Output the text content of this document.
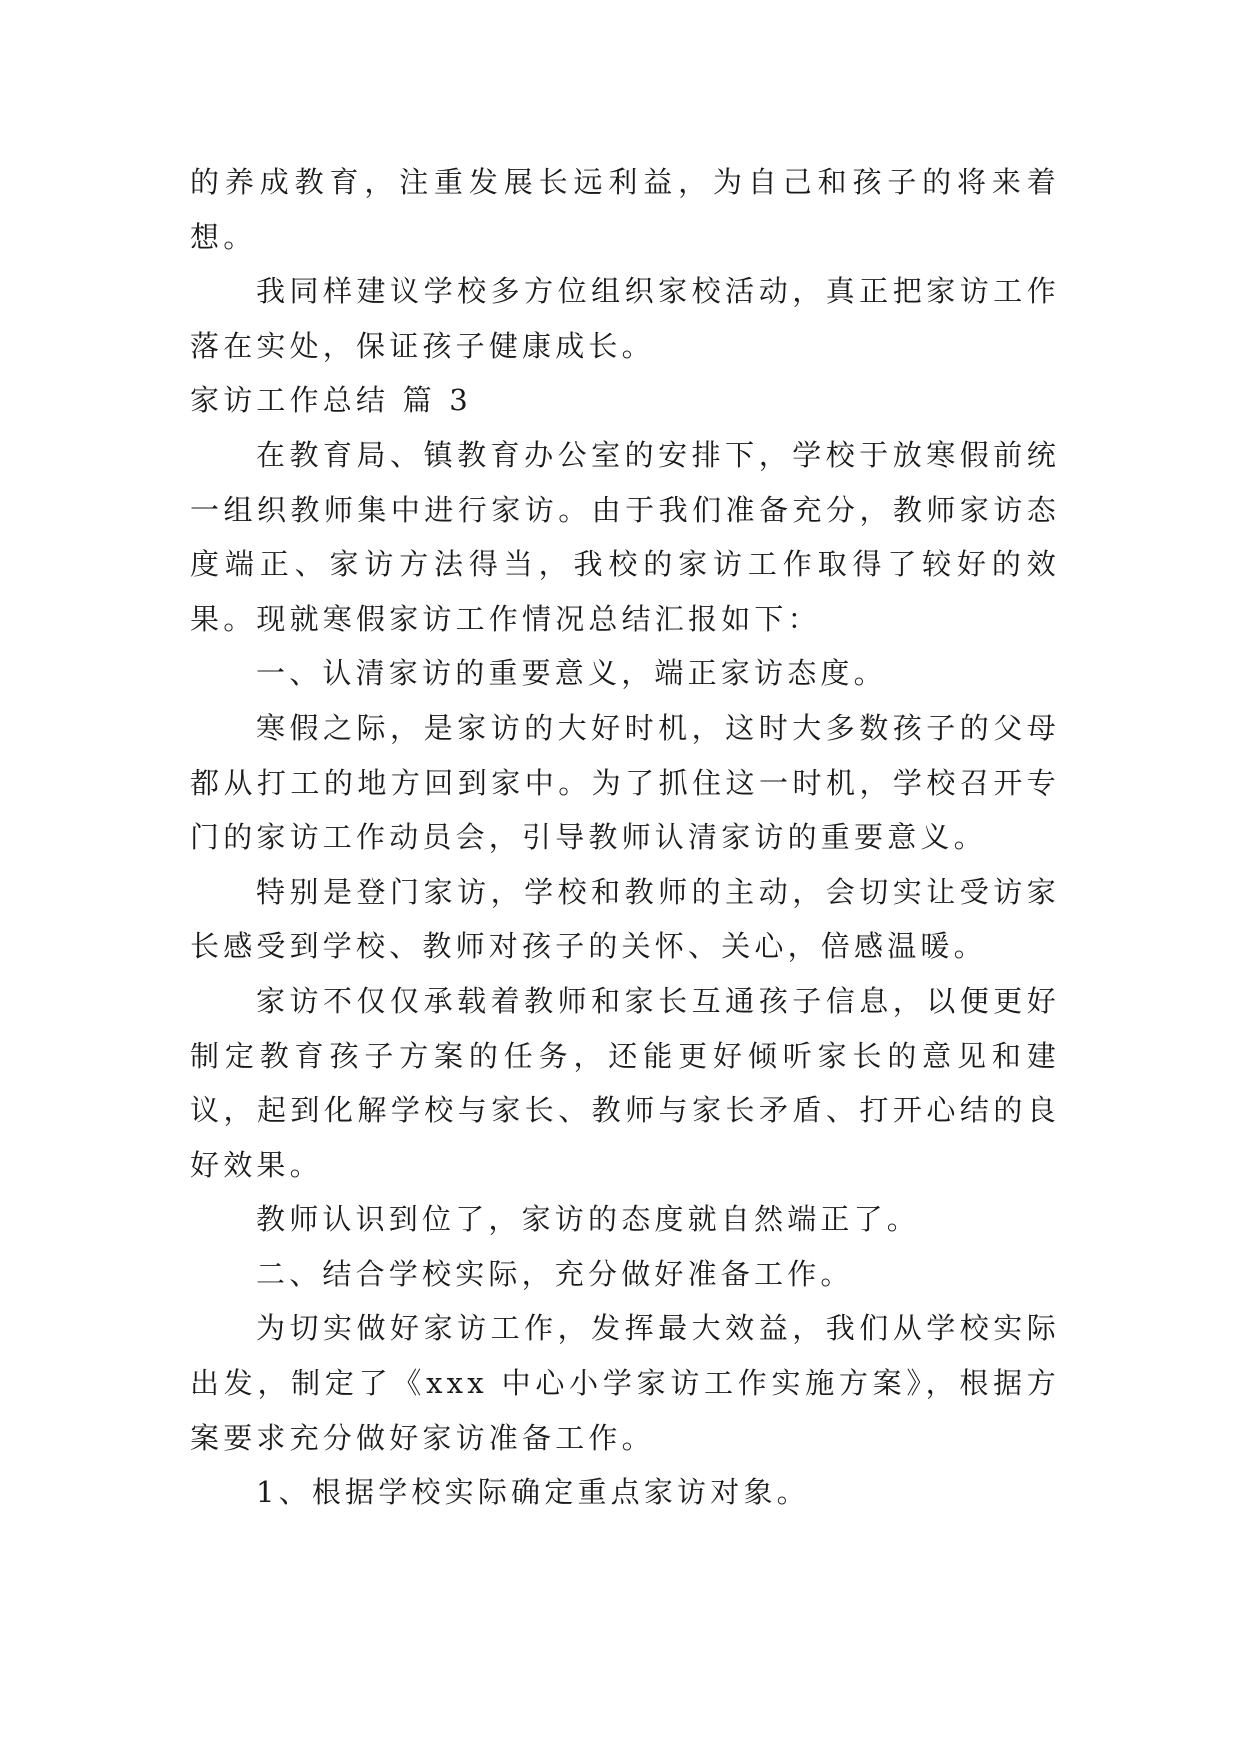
的养成教育，注重发展长远利益，为自己和孩子的将来着想。

我同样建议学校多方位组织家校活动，真正把家访工作落在实处，保证孩子健康成长。

家访工作总结 篇 3

在教育局、镇教育办公室的安排下，学校于放寒假前统一组织教师集中进行家访。由于我们准备充分，教师家访态度端正、家访方法得当，我校的家访工作取得了较好的效果。现就寒假家访工作情况总结汇报如下：

一、认清家访的重要意义，端正家访态度。

寒假之际，是家访的大好时机，这时大多数孩子的父母都从打工的地方回到家中。为了抓住这一时机，学校召开专门的家访工作动员会，引导教师认清家访的重要意义。

特别是登门家访，学校和教师的主动，会切实让受访家长感受到学校、教师对孩子的关怀、关心，倍感温暖。

家访不仅仅承载着教师和家长互通孩子信息，以便更好制定教育孩子方案的任务，还能更好倾听家长的意见和建议，起到化解学校与家长、教师与家长矛盾、打开心结的良好效果。

教师认识到位了，家访的态度就自然端正了。

二、结合学校实际，充分做好准备工作。

为切实做好家访工作，发挥最大效益，我们从学校实际出发，制定了《xxx 中心小学家访工作实施方案》，根据方案要求充分做好家访准备工作。

1、根据学校实际确定重点家访对象。
